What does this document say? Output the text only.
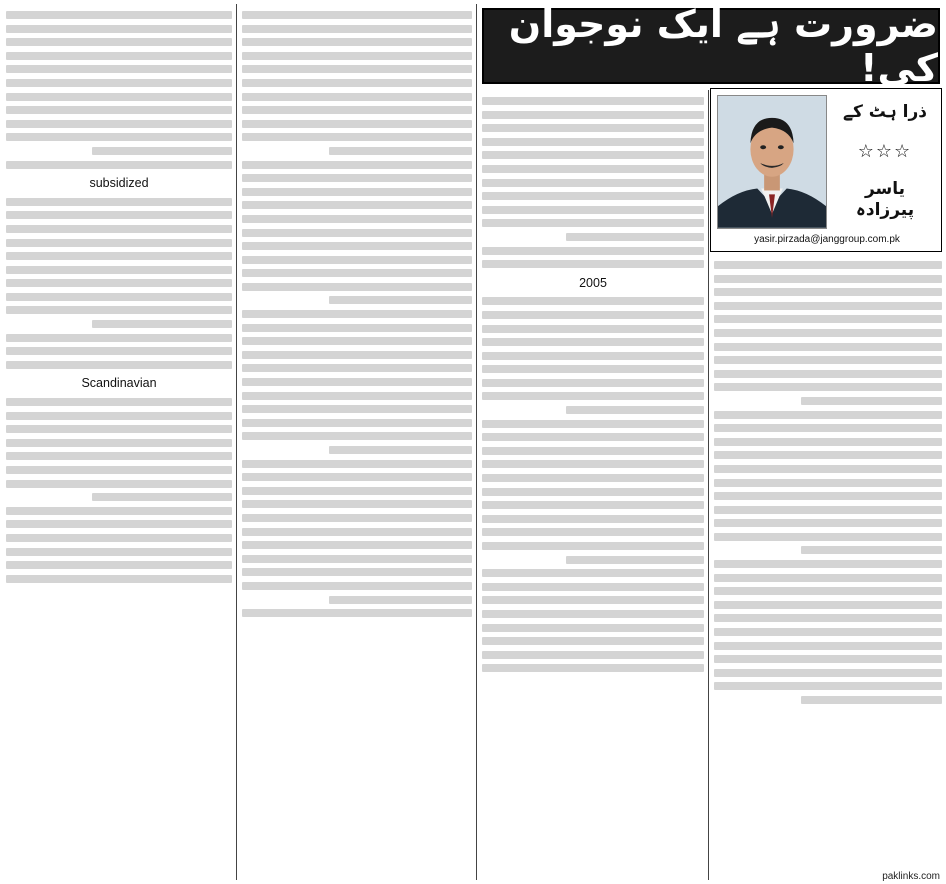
ضرورت ہے ایک نوجوان کی!
ذرا ہٹ کے
☆☆☆
یاسر پیرزادہ
yasir.pirzada@janggroup.com.pk
subsidized
Scandinavian
2005
paklinks.com
